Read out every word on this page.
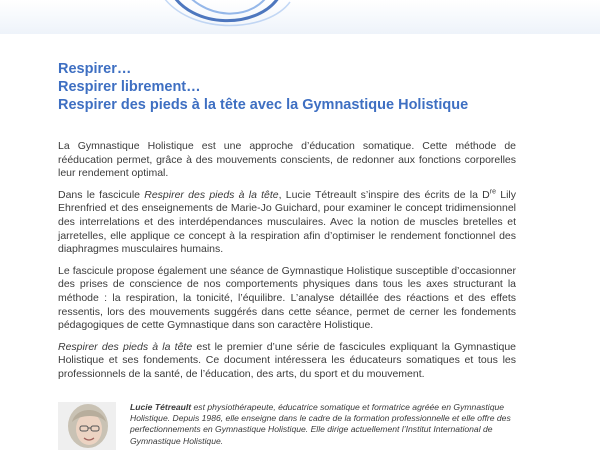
Respirer…

Respirer librement…

Respirer des pieds à la tête avec la Gymnastique Holistique

La Gymnastique Holistique est une approche d’éducation somatique. Cette méthode de rééducation permet, grâce à des mouvements conscients, de redonner aux fonctions corporelles leur rendement optimal.

Dans le fascicule Respirer des pieds à la tête, Lucie Tétreault s’inspire des écrits de la Dre Lily Ehrenfried et des enseignements de Marie-Jo Guichard, pour examiner le concept tridimensionnel des interrelations et des interdépendances musculaires. Avec la notion de muscles bretelles et jarretelles, elle applique ce concept à la respiration afin d’optimiser le rendement fonctionnel des diaphragmes musculaires humains.

Le fascicule propose également une séance de Gymnastique Holistique susceptible d’occasionner des prises de conscience de nos comportements physiques dans tous les axes structurant la méthode : la respiration, la tonicité, l’équilibre. L’analyse détaillée des réactions et des effets ressentis, lors des mouvements suggérés dans cette séance, permet de cerner les fondements pédagogiques de cette Gymnastique dans son caractère Holistique.

Respirer des pieds à la tête est le premier d’une série de fascicules expliquant la Gymnastique Holistique et ses fondements. Ce document intéressera les éducateurs somatiques et tous les professionnels de la santé, de l’éducation, des arts, du sport et du mouvement.

Lucie Tétreault est physiothérapeute, éducatrice somatique et formatrice agréée en Gymnastique Holistique. Depuis 1986, elle enseigne dans le cadre de la formation professionnelle et elle offre des perfectionnements en Gymnastique Holistique. Elle dirige actuellement l’Institut International de Gymnastique Holistique.
